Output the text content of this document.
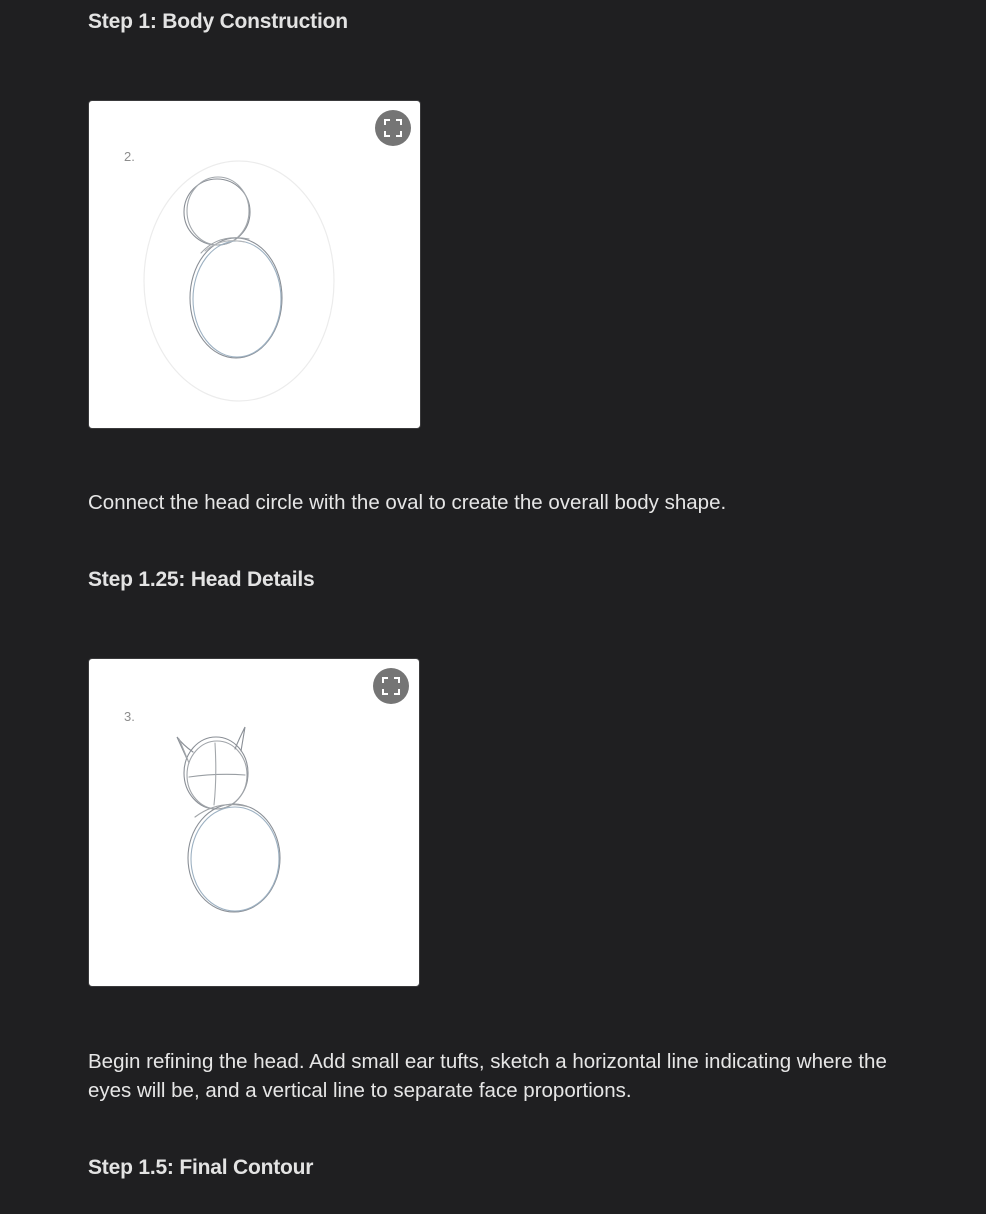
Step 1: Body Construction
2.

Connect the head circle with the oval to create the overall body shape.

Step 1.25: Head Details
3.

Begin refining the head. Add small ear tufts, sketch a horizontal line indicating where the eyes will be, and a vertical line to separate face proportions.

Step 1.5: Final Contour
